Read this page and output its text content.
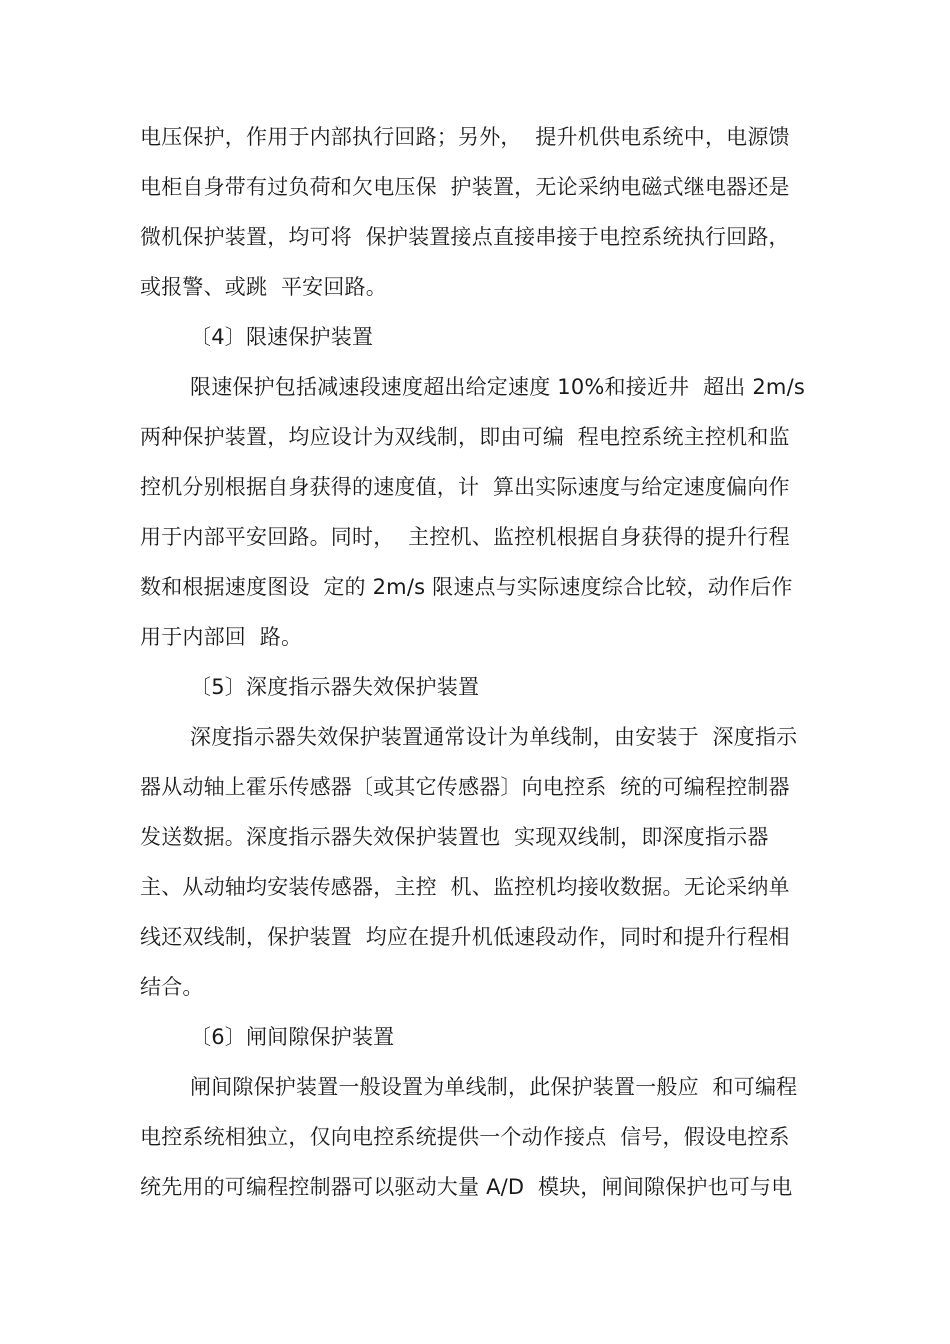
电压保护，作用于内部执行回路；另外，  提升机供电系统中，电源馈
电柜自身带有过负荷和欠电压保  护装置，无论采纳电磁式继电器还是
微机保护装置，均可将  保护装置接点直接串接于电控系统执行回路，
或报警、或跳  平安回路。
〔4〕限速保护装置
限速保护包括减速段速度超出给定速度 10%和接近井  超出 2m/s
两种保护装置，均应设计为双线制，即由可编  程电控系统主控机和监
控机分别根据自身获得的速度值，计  算出实际速度与给定速度偏向作
用于内部平安回路。同时，  主控机、监控机根据自身获得的提升行程
数和根据速度图设  定的 2m/s 限速点与实际速度综合比较，动作后作
用于内部回  路。
〔5〕深度指示器失效保护装置
深度指示器失效保护装置通常设计为单线制，由安装于  深度指示
器从动轴上霍乐传感器〔或其它传感器〕向电控系  统的可编程控制器
发送数据。深度指示器失效保护装置也  实现双线制，即深度指示器
主、从动轴均安装传感器，主控  机、监控机均接收数据。无论采纳单
线还双线制，保护装置  均应在提升机低速段动作，同时和提升行程相
结合。
〔6〕闸间隙保护装置
闸间隙保护装置一般设置为单线制，此保护装置一般应  和可编程
电控系统相独立，仅向电控系统提供一个动作接点  信号，假设电控系
统先用的可编程控制器可以驱动大量 A/D  模块，闸间隙保护也可与电
